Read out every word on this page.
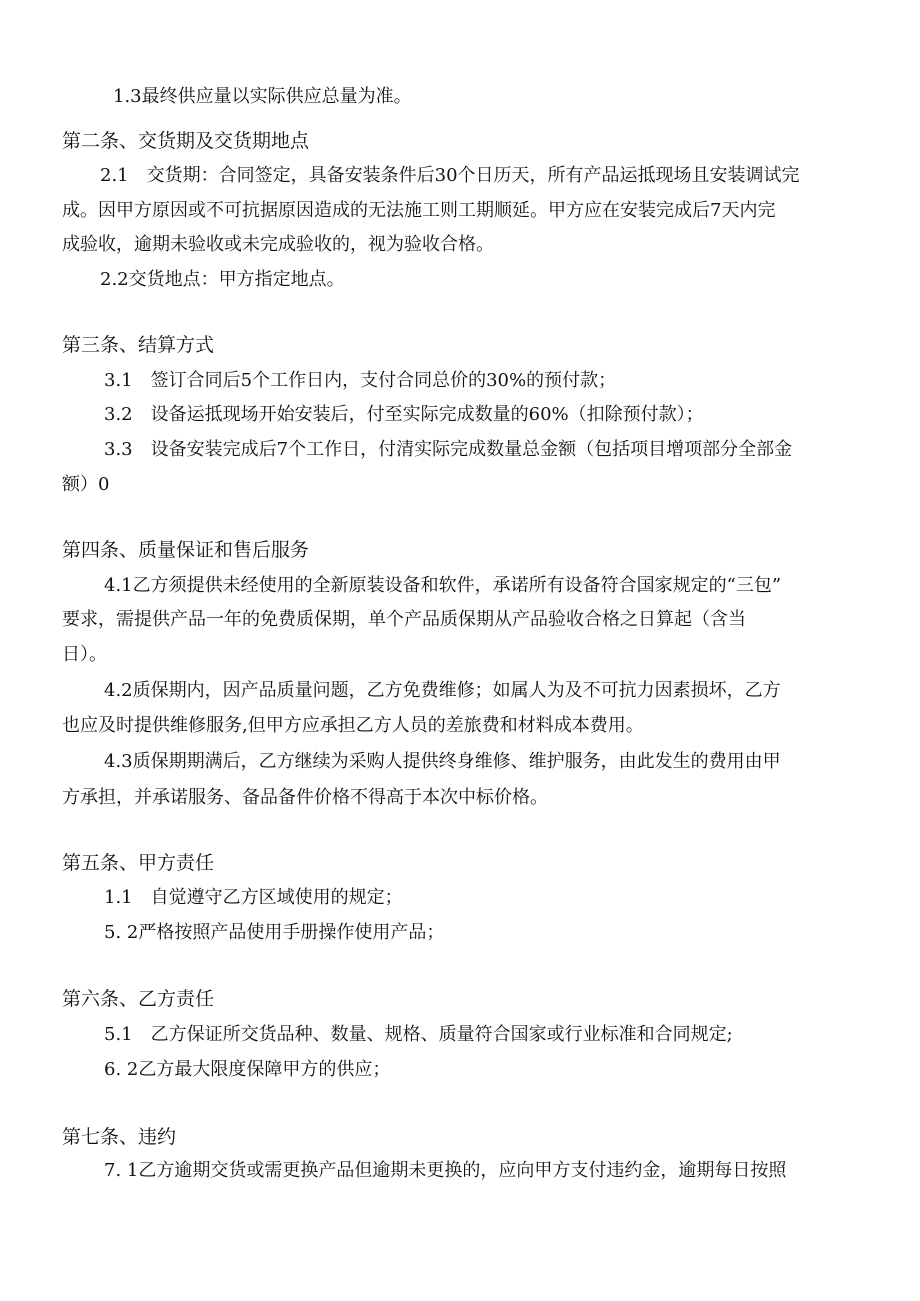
1.3最终供应量以实际供应总量为准。
第二条、交货期及交货期地点
2.1　交货期：合同签定，具备安装条件后30个日历天，所有产品运抵现场且安装调试完
成。因甲方原因或不可抗据原因造成的无法施工则工期顺延。甲方应在安装完成后7天内完
成验收，逾期未验收或未完成验收的，视为验收合格。
2.2交货地点：甲方指定地点。
第三条、结算方式
3.1　签订合同后5个工作日内，支付合同总价的30%的预付款；
3.2　设备运抵现场开始安装后，付至实际完成数量的60%（扣除预付款）；
3.3　设备安装完成后7个工作日，付清实际完成数量总金额（包括项目增项部分全部金
额）0
第四条、质量保证和售后服务
4.1乙方须提供未经使用的全新原装设备和软件，承诺所有设备符合国家规定的“三包”
要求，需提供产品一年的免费质保期，单个产品质保期从产品验收合格之日算起（含当
日）。
4.2质保期内，因产品质量问题，乙方免费维修；如属人为及不可抗力因素损坏，乙方
也应及时提供维修服务,但甲方应承担乙方人员的差旅费和材料成本费用。
4.3质保期期满后，乙方继续为采购人提供终身维修、维护服务，由此发生的费用由甲
方承担，并承诺服务、备品备件价格不得高于本次中标价格。
第五条、甲方责任
1.1　自觉遵守乙方区域使用的规定；
5. 2严格按照产品使用手册操作使用产品；
第六条、乙方责任
5.1　乙方保证所交货品种、数量、规格、质量符合国家或行业标准和合同规定;
6. 2乙方最大限度保障甲方的供应；
第七条、违约
7. 1乙方逾期交货或需更换产品但逾期未更换的，应向甲方支付违约金，逾期每日按照
